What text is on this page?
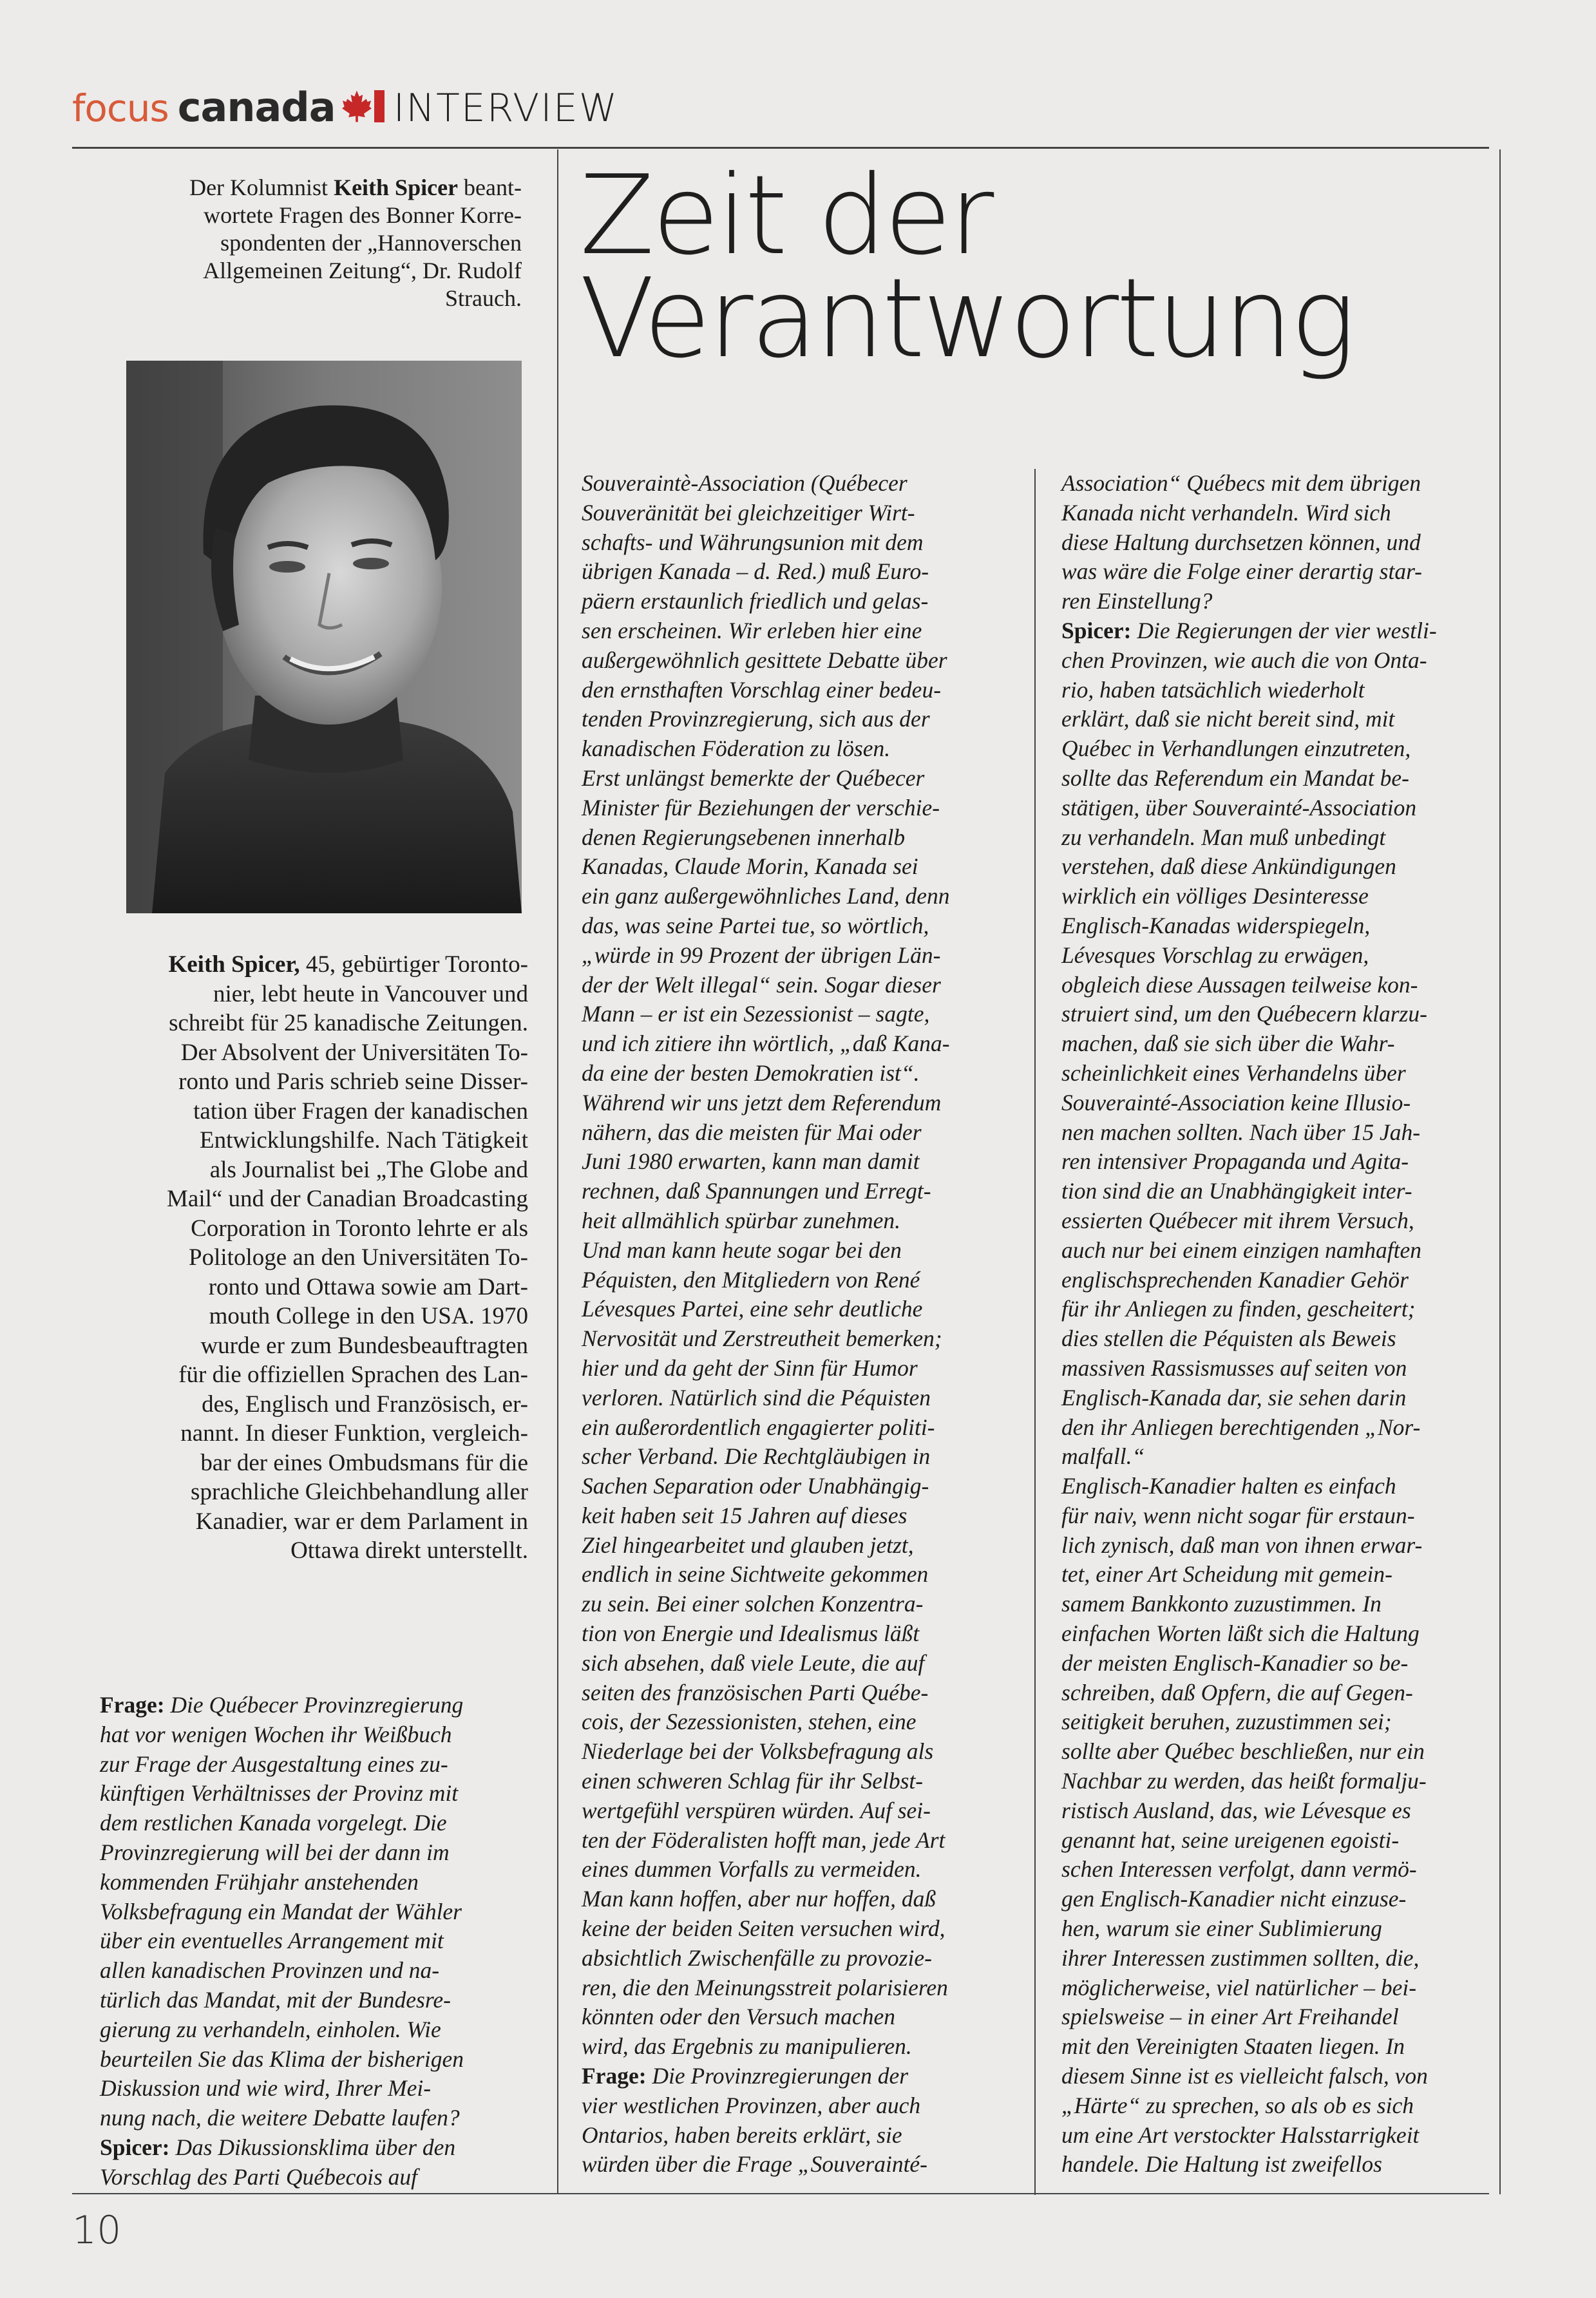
focus canada INTERVIEW
Der Kolumnist Keith Spicer beant-
wortete Fragen des Bonner Korre-
spondenten der „Hannoverschen
Allgemeinen Zeitung“, Dr. Rudolf
Strauch.
Keith Spicer, 45, gebürtiger Toronto-
nier, lebt heute in Vancouver und
schreibt für 25 kanadische Zeitungen.
Der Absolvent der Universitäten To-
ronto und Paris schrieb seine Disser-
tation über Fragen der kanadischen
Entwicklungshilfe. Nach Tätigkeit
als Journalist bei „The Globe and
Mail“ und der Canadian Broadcasting
Corporation in Toronto lehrte er als
Politologe an den Universitäten To-
ronto und Ottawa sowie am Dart-
mouth College in den USA. 1970
wurde er zum Bundesbeauftragten
für die offiziellen Sprachen des Lan-
des, Englisch und Französisch, er-
nannt. In dieser Funktion, vergleich-
bar der eines Ombudsmans für die
sprachliche Gleichbehandlung aller
Kanadier, war er dem Parlament in
Ottawa direkt unterstellt.
Zeit der
Verantwortung
Frage: Die Québecer Provinzregierung
hat vor wenigen Wochen ihr Weißbuch
zur Frage der Ausgestaltung eines zu-
künftigen Verhältnisses der Provinz mit
dem restlichen Kanada vorgelegt. Die
Provinzregierung will bei der dann im
kommenden Frühjahr anstehenden
Volksbefragung ein Mandat der Wähler
über ein eventuelles Arrangement mit
allen kanadischen Provinzen und na-
türlich das Mandat, mit der Bundesre-
gierung zu verhandeln, einholen. Wie
beurteilen Sie das Klima der bisherigen
Diskussion und wie wird, Ihrer Mei-
nung nach, die weitere Debatte laufen?
Spicer: Das Dikussionsklima über den
Vorschlag des Parti Québecois auf
Souveraintè-Association (Québecer
Souveränität bei gleichzeitiger Wirt-
schafts- und Währungsunion mit dem
übrigen Kanada – d. Red.) muß Euro-
päern erstaunlich friedlich und gelas-
sen erscheinen. Wir erleben hier eine
außergewöhnlich gesittete Debatte über
den ernsthaften Vorschlag einer bedeu-
tenden Provinzregierung, sich aus der
kanadischen Föderation zu lösen.
Erst unlängst bemerkte der Québecer
Minister für Beziehungen der verschie-
denen Regierungsebenen innerhalb
Kanadas, Claude Morin, Kanada sei
ein ganz außergewöhnliches Land, denn
das, was seine Partei tue, so wörtlich,
„würde in 99 Prozent der übrigen Län-
der der Welt illegal“ sein. Sogar dieser
Mann – er ist ein Sezessionist – sagte,
und ich zitiere ihn wörtlich, „daß Kana-
da eine der besten Demokratien ist“.
Während wir uns jetzt dem Referendum
nähern, das die meisten für Mai oder
Juni 1980 erwarten, kann man damit
rechnen, daß Spannungen und Erregt-
heit allmählich spürbar zunehmen.
Und man kann heute sogar bei den
Péquisten, den Mitgliedern von René
Lévesques Partei, eine sehr deutliche
Nervosität und Zerstreutheit bemerken;
hier und da geht der Sinn für Humor
verloren. Natürlich sind die Péquisten
ein außerordentlich engagierter politi-
scher Verband. Die Rechtgläubigen in
Sachen Separation oder Unabhängig-
keit haben seit 15 Jahren auf dieses
Ziel hingearbeitet und glauben jetzt,
endlich in seine Sichtweite gekommen
zu sein. Bei einer solchen Konzentra-
tion von Energie und Idealismus läßt
sich absehen, daß viele Leute, die auf
seiten des französischen Parti Québe-
cois, der Sezessionisten, stehen, eine
Niederlage bei der Volksbefragung als
einen schweren Schlag für ihr Selbst-
wertgefühl verspüren würden. Auf sei-
ten der Föderalisten hofft man, jede Art
eines dummen Vorfalls zu vermeiden.
Man kann hoffen, aber nur hoffen, daß
keine der beiden Seiten versuchen wird,
absichtlich Zwischenfälle zu provozie-
ren, die den Meinungsstreit polarisieren
könnten oder den Versuch machen
wird, das Ergebnis zu manipulieren.
Frage: Die Provinzregierungen der
vier westlichen Provinzen, aber auch
Ontarios, haben bereits erklärt, sie
würden über die Frage „Souverainté-
Association“ Québecs mit dem übrigen
Kanada nicht verhandeln. Wird sich
diese Haltung durchsetzen können, und
was wäre die Folge einer derartig star-
ren Einstellung?
Spicer: Die Regierungen der vier westli-
chen Provinzen, wie auch die von Onta-
rio, haben tatsächlich wiederholt
erklärt, daß sie nicht bereit sind, mit
Québec in Verhandlungen einzutreten,
sollte das Referendum ein Mandat be-
stätigen, über Souverainté-Association
zu verhandeln. Man muß unbedingt
verstehen, daß diese Ankündigungen
wirklich ein völliges Desinteresse
Englisch-Kanadas widerspiegeln,
Lévesques Vorschlag zu erwägen,
obgleich diese Aussagen teilweise kon-
struiert sind, um den Québecern klarzu-
machen, daß sie sich über die Wahr-
scheinlichkeit eines Verhandelns über
Souverainté-Association keine Illusio-
nen machen sollten. Nach über 15 Jah-
ren intensiver Propaganda und Agita-
tion sind die an Unabhängigkeit inter-
essierten Québecer mit ihrem Versuch,
auch nur bei einem einzigen namhaften
englischsprechenden Kanadier Gehör
für ihr Anliegen zu finden, gescheitert;
dies stellen die Péquisten als Beweis
massiven Rassismusses auf seiten von
Englisch-Kanada dar, sie sehen darin
den ihr Anliegen berechtigenden „Nor-
malfall.“
Englisch-Kanadier halten es einfach
für naiv, wenn nicht sogar für erstaun-
lich zynisch, daß man von ihnen erwar-
tet, einer Art Scheidung mit gemein-
samem Bankkonto zuzustimmen. In
einfachen Worten läßt sich die Haltung
der meisten Englisch-Kanadier so be-
schreiben, daß Opfern, die auf Gegen-
seitigkeit beruhen, zuzustimmen sei;
sollte aber Québec beschließen, nur ein
Nachbar zu werden, das heißt formalju-
ristisch Ausland, das, wie Lévesque es
genannt hat, seine ureigenen egoisti-
schen Interessen verfolgt, dann vermö-
gen Englisch-Kanadier nicht einzuse-
hen, warum sie einer Sublimierung
ihrer Interessen zustimmen sollten, die,
möglicherweise, viel natürlicher – bei-
spielsweise – in einer Art Freihandel
mit den Vereinigten Staaten liegen. In
diesem Sinne ist es vielleicht falsch, von
„Härte“ zu sprechen, so als ob es sich
um eine Art verstockter Halsstarrigkeit
handele. Die Haltung ist zweifellos
10
